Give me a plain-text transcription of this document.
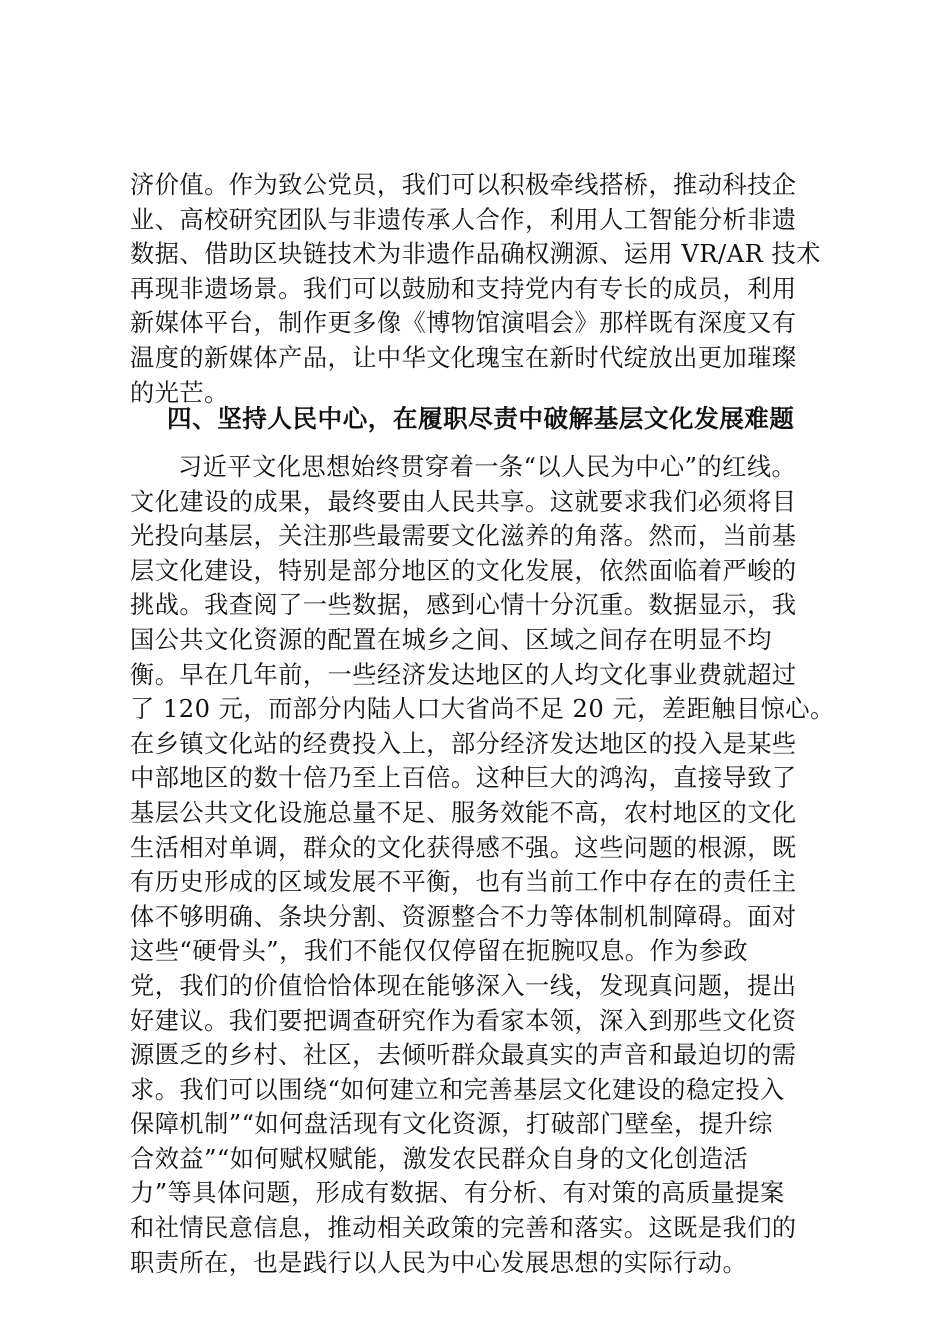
济价值。作为致公党员，我们可以积极牵线搭桥，推动科技企
业、高校研究团队与非遗传承人合作，利用人工智能分析非遗
数据、借助区块链技术为非遗作品确权溯源、运用 VR/AR 技术
再现非遗场景。我们可以鼓励和支持党内有专长的成员，利用
新媒体平台，制作更多像《博物馆演唱会》那样既有深度又有
温度的新媒体产品，让中华文化瑰宝在新时代绽放出更加璀璨
的光芒。

四、坚持人民中心，在履职尽责中破解基层文化发展难题

习近平文化思想始终贯穿着一条“以人民为中心”的红线。
文化建设的成果，最终要由人民共享。这就要求我们必须将目
光投向基层，关注那些最需要文化滋养的角落。然而，当前基
层文化建设，特别是部分地区的文化发展，依然面临着严峻的
挑战。我查阅了一些数据，感到心情十分沉重。数据显示，我
国公共文化资源的配置在城乡之间、区域之间存在明显不均
衡。早在几年前，一些经济发达地区的人均文化事业费就超过
了 120 元，而部分内陆人口大省尚不足 20 元，差距触目惊心。
在乡镇文化站的经费投入上，部分经济发达地区的投入是某些
中部地区的数十倍乃至上百倍。这种巨大的鸿沟，直接导致了
基层公共文化设施总量不足、服务效能不高，农村地区的文化
生活相对单调，群众的文化获得感不强。这些问题的根源，既
有历史形成的区域发展不平衡，也有当前工作中存在的责任主
体不够明确、条块分割、资源整合不力等体制机制障碍。面对
这些“硬骨头”，我们不能仅仅停留在扼腕叹息。作为参政
党，我们的价值恰恰体现在能够深入一线，发现真问题，提出
好建议。我们要把调查研究作为看家本领，深入到那些文化资
源匮乏的乡村、社区，去倾听群众最真实的声音和最迫切的需
求。我们可以围绕“如何建立和完善基层文化建设的稳定投入
保障机制”“如何盘活现有文化资源，打破部门壁垒，提升综
合效益”“如何赋权赋能，激发农民群众自身的文化创造活
力”等具体问题，形成有数据、有分析、有对策的高质量提案
和社情民意信息，推动相关政策的完善和落实。这既是我们的
职责所在，也是践行以人民为中心发展思想的实际行动。
